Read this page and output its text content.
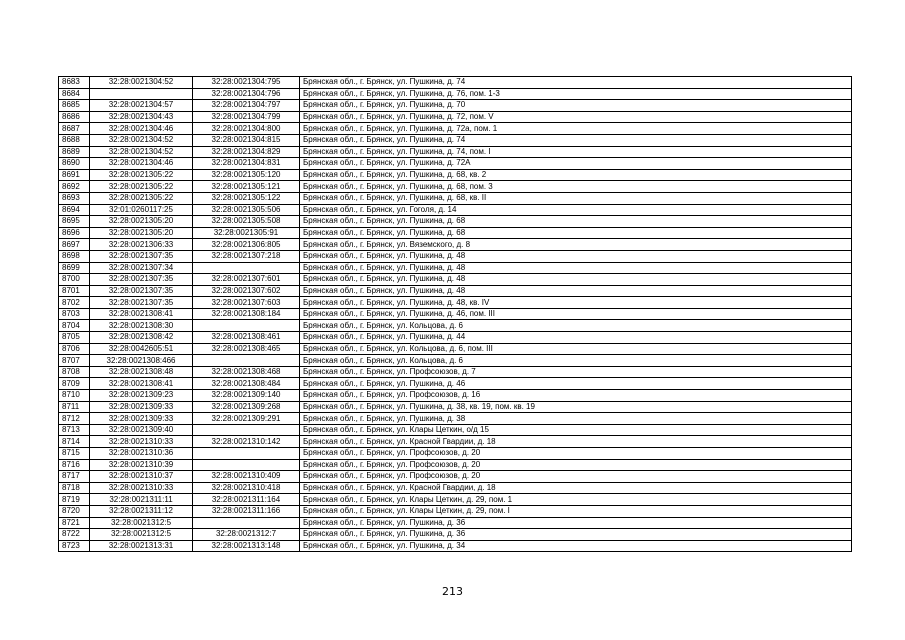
8683	32:28:0021304:52	32:28:0021304:795	Брянская обл., г. Брянск, ул. Пушкина, д. 74
8684		32:28:0021304:796	Брянская обл., г. Брянск, ул. Пушкина, д. 76, пом. 1-3
8685	32:28:0021304:57	32:28:0021304:797	Брянская обл., г. Брянск, ул. Пушкина, д. 70
8686	32:28:0021304:43	32:28:0021304:799	Брянская обл., г. Брянск, ул. Пушкина, д. 72, пом. V
8687	32:28:0021304:46	32:28:0021304:800	Брянская обл., г. Брянск, ул. Пушкина, д. 72а, пом. 1
8688	32:28:0021304:52	32:28:0021304:815	Брянская обл., г. Брянск, ул. Пушкина, д. 74
8689	32:28:0021304:52	32:28:0021304:829	Брянская обл., г. Брянск, ул. Пушкина, д. 74, пом. I
8690	32:28:0021304:46	32:28:0021304:831	Брянская обл., г. Брянск, ул. Пушкина, д. 72А
8691	32:28:0021305:22	32:28:0021305:120	Брянская обл., г. Брянск, ул. Пушкина, д. 68, кв. 2
8692	32:28:0021305:22	32:28:0021305:121	Брянская обл., г. Брянск, ул. Пушкина, д. 68, пом. 3
8693	32:28:0021305:22	32:28:0021305:122	Брянская обл., г. Брянск, ул. Пушкина, д. 68, кв. II
8694	32:01:0260117:25	32:28:0021305:506	Брянская обл., г. Брянск, ул. Гоголя, д. 14
8695	32:28:0021305:20	32:28:0021305:508	Брянская обл., г. Брянск, ул. Пушкина, д. 68
8696	32:28:0021305:20	32:28:0021305:91	Брянская обл., г. Брянск, ул. Пушкина, д. 68
8697	32:28:0021306:33	32:28:0021306:805	Брянская обл., г. Брянск, ул. Вяземского, д. 8
8698	32:28:0021307:35	32:28:0021307:218	Брянская обл., г. Брянск, ул. Пушкина, д. 48
8699	32:28:0021307:34		Брянская обл., г. Брянск, ул. Пушкина, д. 48
8700	32:28:0021307:35	32:28:0021307:601	Брянская обл., г. Брянск, ул. Пушкина, д. 48
8701	32:28:0021307:35	32:28:0021307:602	Брянская обл., г. Брянск, ул. Пушкина, д. 48
8702	32:28:0021307:35	32:28:0021307:603	Брянская обл., г. Брянск, ул. Пушкина, д. 48, кв. IV
8703	32:28:0021308:41	32:28:0021308:184	Брянская обл., г. Брянск, ул. Пушкина, д. 46, пом. III
8704	32:28:0021308:30		Брянская обл., г. Брянск, ул. Кольцова, д. 6
8705	32:28:0021308:42	32:28:0021308:461	Брянская обл., г. Брянск, ул. Пушкина, д. 44
8706	32:28:0042605:51	32:28:0021308:465	Брянская обл., г. Брянск, ул. Кольцова, д. 6, пом. III
8707	32:28:0021308:466		Брянская обл., г. Брянск, ул. Кольцова, д. 6
8708	32:28:0021308:48	32:28:0021308:468	Брянская обл., г. Брянск, ул. Профсоюзов, д. 7
8709	32:28:0021308:41	32:28:0021308:484	Брянская обл., г. Брянск, ул. Пушкина, д. 46
8710	32:28:0021309:23	32:28:0021309:140	Брянская обл., г. Брянск, ул. Профсоюзов, д. 16
8711	32:28:0021309:33	32:28:0021309:268	Брянская обл., г. Брянск, ул. Пушкина, д. 38, кв. 19, пом. кв. 19
8712	32:28:0021309:33	32:28:0021309:291	Брянская обл., г. Брянск, ул. Пушкина, д. 38
8713	32:28:0021309:40		Брянская обл., г. Брянск, ул. Клары Цеткин, о/д 15
8714	32:28:0021310:33	32:28:0021310:142	Брянская обл., г. Брянск, ул. Красной Гвардии, д. 18
8715	32:28:0021310:36		Брянская обл., г. Брянск, ул. Профсоюзов, д. 20
8716	32:28:0021310:39		Брянская обл., г. Брянск, ул. Профсоюзов, д. 20
8717	32:28:0021310:37	32:28:0021310:409	Брянская обл., г. Брянск, ул. Профсоюзов, д. 20
8718	32:28:0021310:33	32:28:0021310:418	Брянская обл., г. Брянск, ул. Красной Гвардии, д. 18
8719	32:28:0021311:11	32:28:0021311:164	Брянская обл., г. Брянск, ул. Клары Цеткин, д. 29, пом. 1
8720	32:28:0021311:12	32:28:0021311:166	Брянская обл., г. Брянск, ул. Клары Цеткин, д. 29, пом. I
8721	32:28:0021312:5		Брянская обл., г. Брянск, ул. Пушкина, д. 36
8722	32:28:0021312:5	32:28:0021312:7	Брянская обл., г. Брянск, ул. Пушкина, д. 36
8723	32:28:0021313:31	32:28:0021313:148	Брянская обл., г. Брянск, ул. Пушкина, д. 34
213
